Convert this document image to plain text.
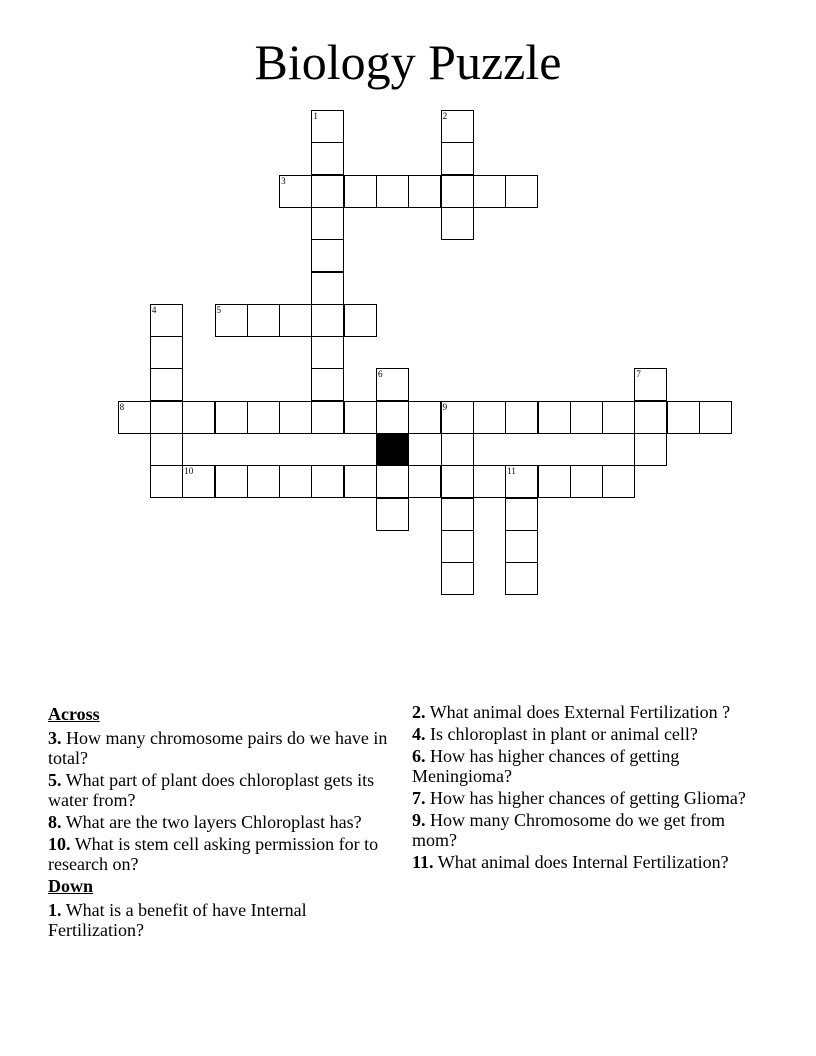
Biology Puzzle
3
5
8	9
10	11
1	2
4
6	7
Across
3. How many chromosome pairs do we have in total?
5. What part of plant does chloroplast gets its water from?
8. What are the two layers Chloroplast has?
10. What is stem cell asking permission for to research on?
Down
1. What is a benefit of have Internal Fertilization?
2. What animal does External Fertilization ?
4. Is chloroplast in plant or animal cell?
6. How has higher chances of getting Meningioma?
7. How has higher chances of getting Glioma?
9. How many Chromosome do we get from mom?
11. What animal does Internal Fertilization?
